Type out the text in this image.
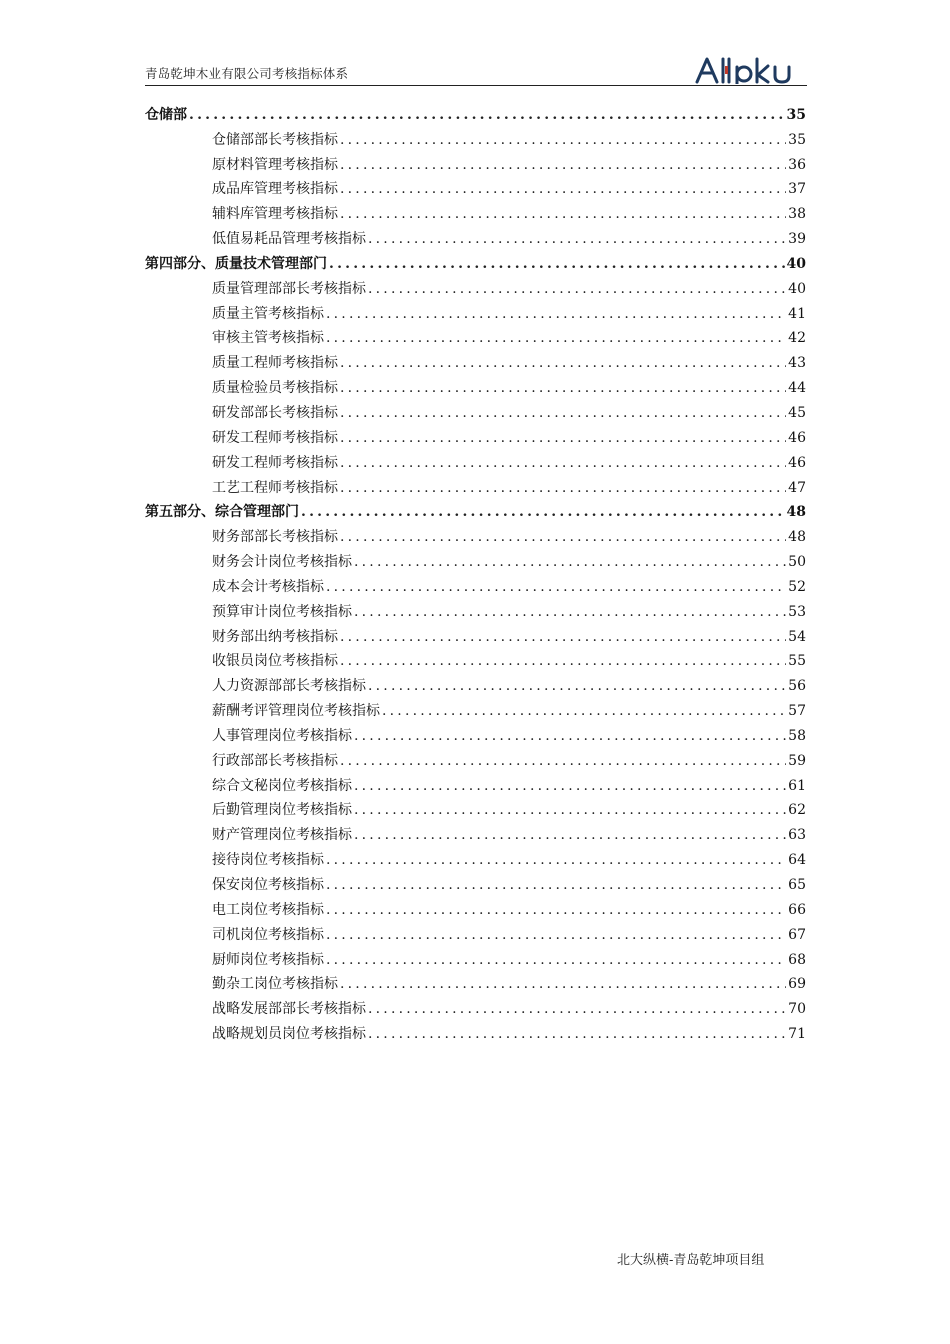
青岛乾坤木业有限公司考核指标体系
仓储部 .....	35
仓储部部长考核指标 .....	35
原材料管理考核指标 .....	36
成品库管理考核指标 .....	37
辅料库管理考核指标 .....	38
低值易耗品管理考核指标 .....	39
第四部分、质量技术管理部门 .....	40
质量管理部部长考核指标 .....	40
质量主管考核指标 .....	41
审核主管考核指标 .....	42
质量工程师考核指标 .....	43
质量检验员考核指标 .....	44
研发部部长考核指标 .....	45
研发工程师考核指标 .....	46
研发工程师考核指标 .....	46
工艺工程师考核指标 .....	47
第五部分、综合管理部门 .....	48
财务部部长考核指标 .....	48
财务会计岗位考核指标 .....	50
成本会计考核指标 .....	52
预算审计岗位考核指标 .....	53
财务部出纳考核指标 .....	54
收银员岗位考核指标 .....	55
人力资源部部长考核指标 .....	56
薪酬考评管理岗位考核指标 .....	57
人事管理岗位考核指标 .....	58
行政部部长考核指标 .....	59
综合文秘岗位考核指标 .....	61
后勤管理岗位考核指标 .....	62
财产管理岗位考核指标 .....	63
接待岗位考核指标 .....	64
保安岗位考核指标 .....	65
电工岗位考核指标 .....	66
司机岗位考核指标 .....	67
厨师岗位考核指标 .....	68
勤杂工岗位考核指标 .....	69
战略发展部部长考核指标 .....	70
战略规划员岗位考核指标 .....	71
北大纵横-青岛乾坤项目组
